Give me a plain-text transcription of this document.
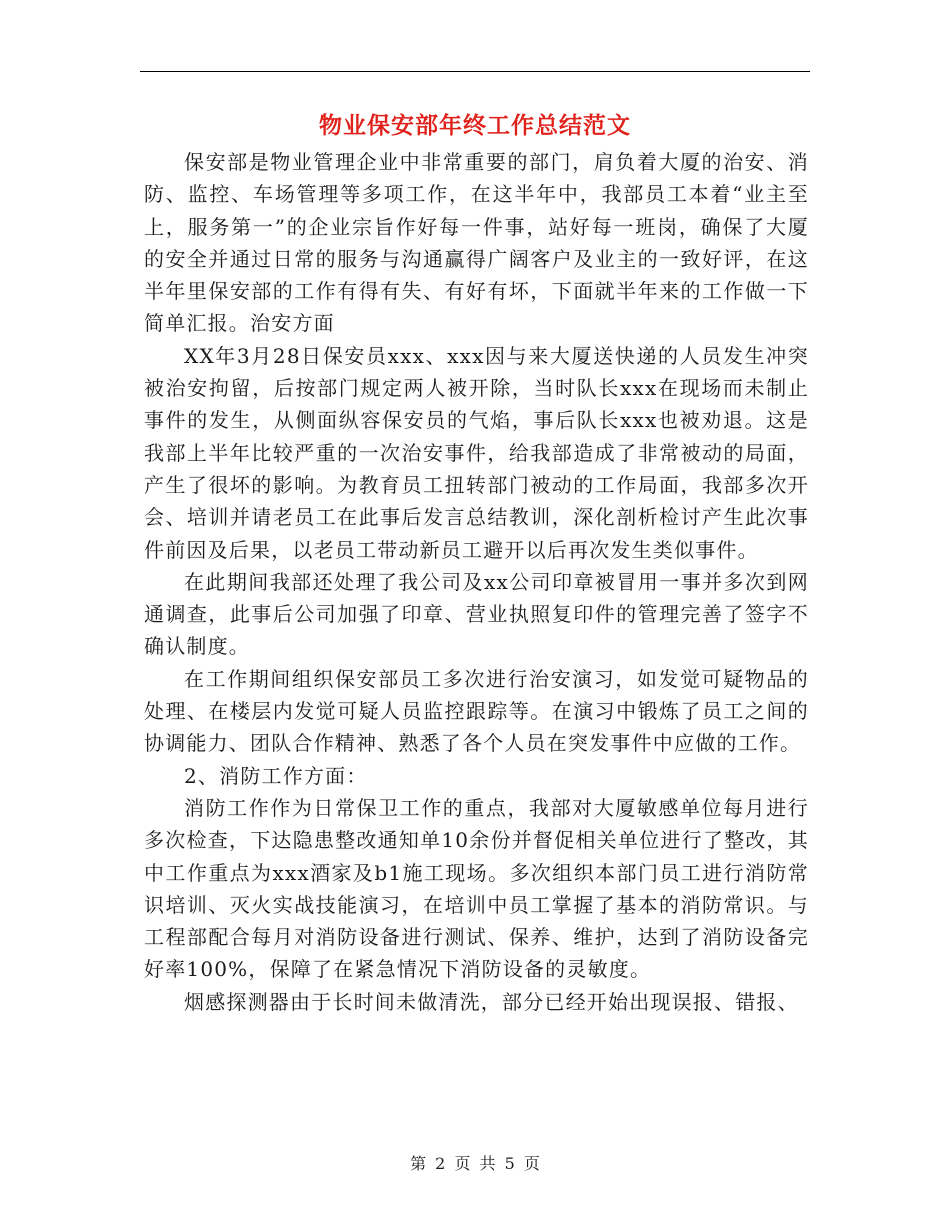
物业保安部年终工作总结范文

保安部是物业管理企业中非常重要的部门，肩负着大厦的治安、消防、监控、车场管理等多项工作，在这半年中，我部员工本着“业主至上，服务第一”的企业宗旨作好每一件事，站好每一班岗，确保了大厦的安全并通过日常的服务与沟通赢得广阔客户及业主的一致好评，在这半年里保安部的工作有得有失、有好有坏，下面就半年来的工作做一下简单汇报。治安方面

XX年3月28日保安员xxx、xxx因与来大厦送快递的人员发生冲突被治安拘留，后按部门规定两人被开除，当时队长xxx在现场而未制止事件的发生，从侧面纵容保安员的气焰，事后队长xxx也被劝退。这是我部上半年比较严重的一次治安事件，给我部造成了非常被动的局面，产生了很坏的影响。为教育员工扭转部门被动的工作局面，我部多次开会、培训并请老员工在此事后发言总结教训，深化剖析检讨产生此次事件前因及后果，以老员工带动新员工避开以后再次发生类似事件。

在此期间我部还处理了我公司及xx公司印章被冒用一事并多次到网通调查，此事后公司加强了印章、营业执照复印件的管理完善了签字不确认制度。

在工作期间组织保安部员工多次进行治安演习，如发觉可疑物品的处理、在楼层内发觉可疑人员监控跟踪等。在演习中锻炼了员工之间的协调能力、团队合作精神、熟悉了各个人员在突发事件中应做的工作。

2、消防工作方面：

消防工作作为日常保卫工作的重点，我部对大厦敏感单位每月进行多次检查，下达隐患整改通知单10余份并督促相关单位进行了整改，其中工作重点为xxx酒家及b1施工现场。多次组织本部门员工进行消防常识培训、灭火实战技能演习，在培训中员工掌握了基本的消防常识。与工程部配合每月对消防设备进行测试、保养、维护，达到了消防设备完好率100%，保障了在紧急情况下消防设备的灵敏度。

烟感探测器由于长时间未做清洗，部分已经开始出现误报、错报、

第 2 页 共 5 页
